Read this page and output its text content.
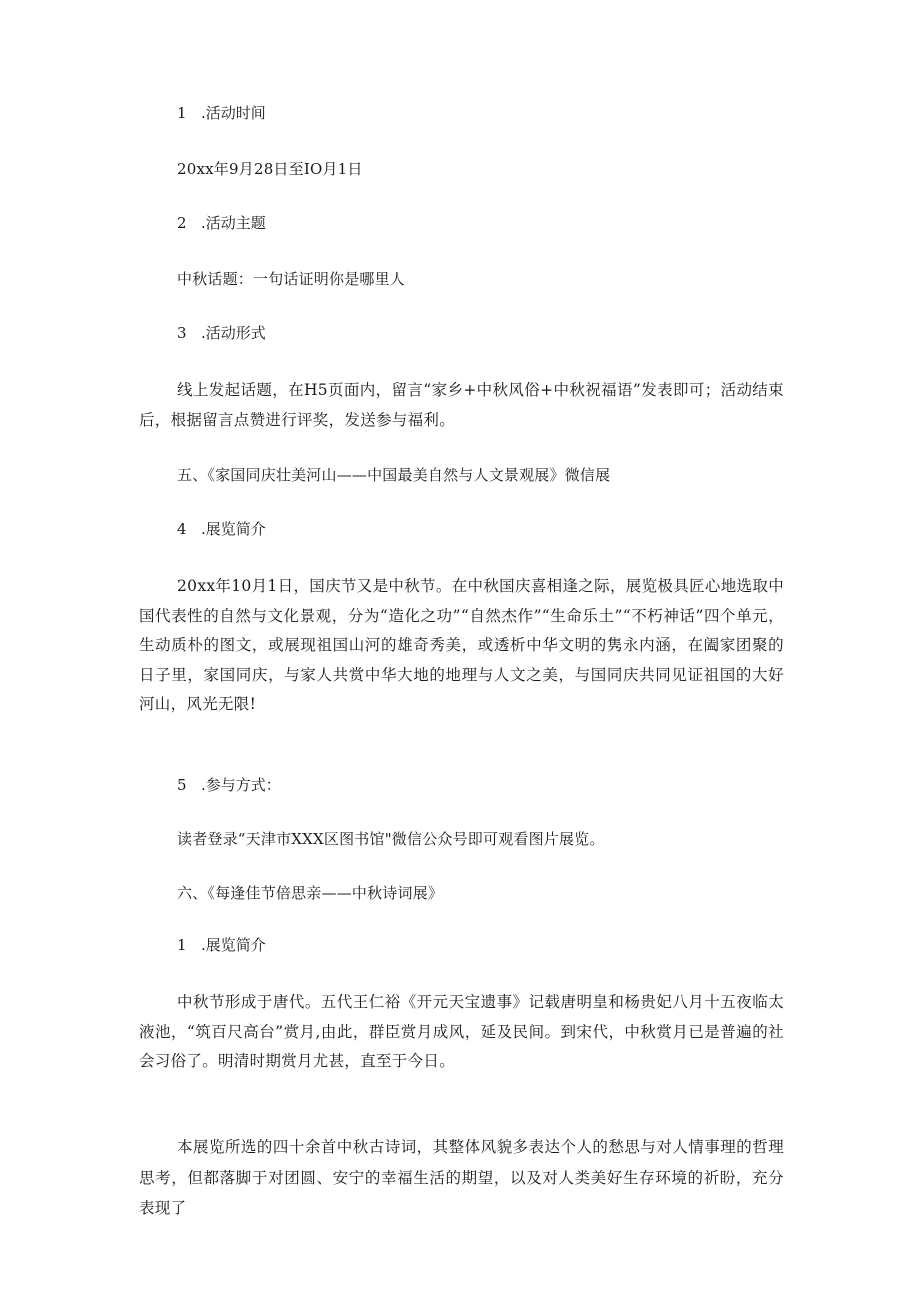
1 .活动时间
20xx年9月28日至IO月1日
2 .活动主题
中秋话题：一句话证明你是哪里人
3 .活动形式
线上发起话题，在H5页面内，留言“家乡+中秋风俗+中秋祝福语”发表即可；活动结束后，根据留言点赞进行评奖，发送参与福利。
五、《家国同庆壮美河山——中国最美自然与人文景观展》微信展
4 .展览简介
20xx年10月1日，国庆节又是中秋节。在中秋国庆喜相逢之际，展览极具匠心地选取中国代表性的自然与文化景观，分为“造化之功”“自然杰作”“生命乐土”“不朽神话”四个单元，生动质朴的图文，或展现祖国山河的雄奇秀美，或透析中华文明的隽永内涵，在阖家团聚的日子里，家国同庆，与家人共赏中华大地的地理与人文之美，与国同庆共同见证祖国的大好河山，风光无限!
5 .参与方式：
读者登录“天津市XXX区图书馆"微信公众号即可观看图片展览。
六、《每逢佳节倍思亲——中秋诗词展》
1 .展览简介
中秋节形成于唐代。五代王仁裕《开元天宝遗事》记载唐明皇和杨贵妃八月十五夜临太液池，“筑百尺高台”赏月,由此，群臣赏月成风，延及民间。到宋代，中秋赏月已是普遍的社会习俗了。明清时期赏月尤甚，直至于今日。
本展览所选的四十余首中秋古诗词，其整体风貌多表达个人的愁思与对人情事理的哲理思考，但都落脚于对团圆、安宁的幸福生活的期望，以及对人类美好生存环境的祈盼，充分表现了
